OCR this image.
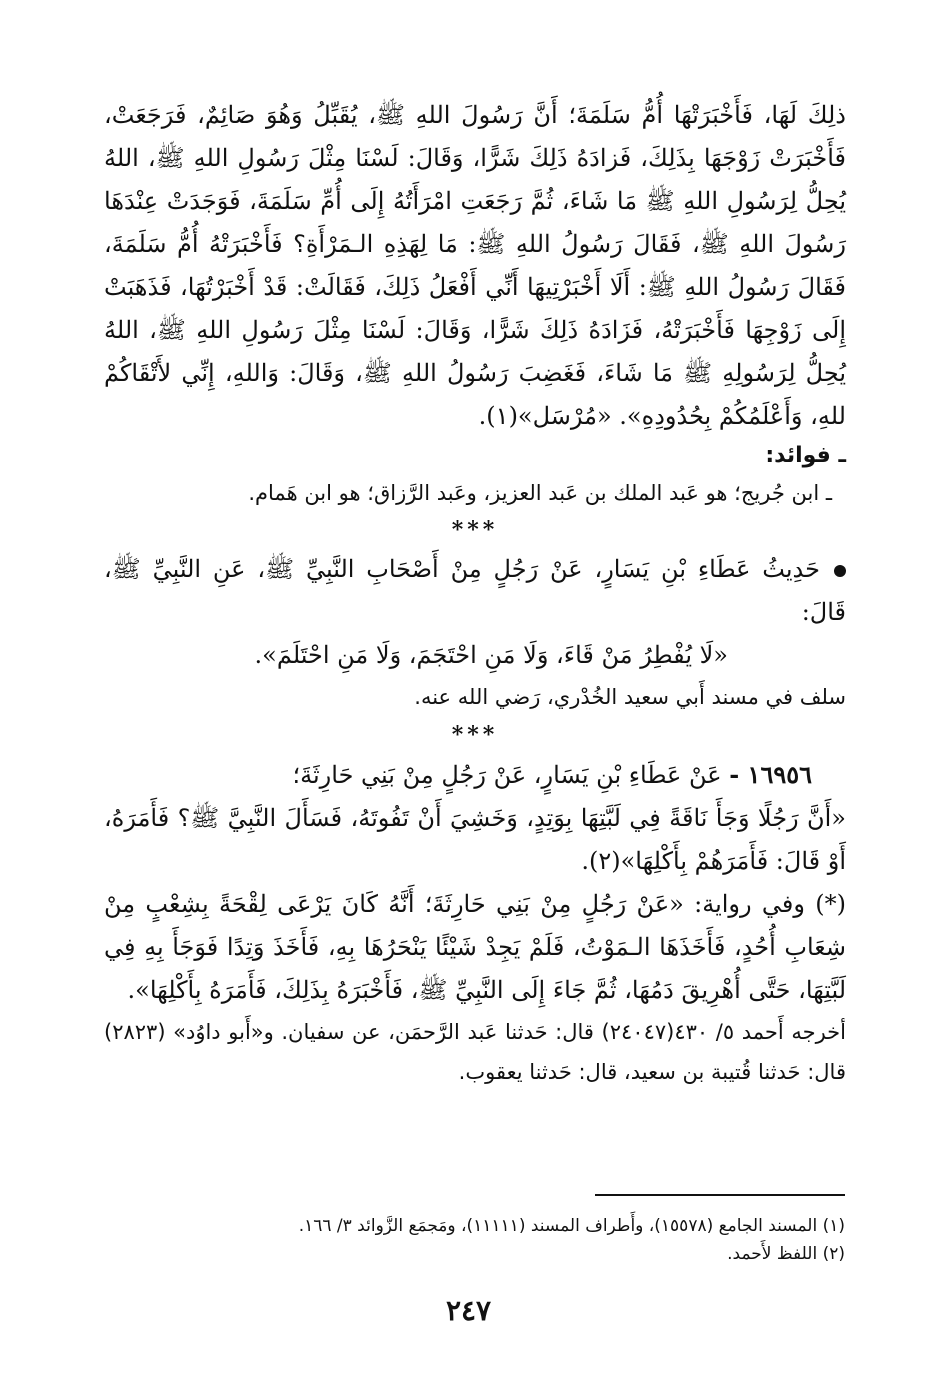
ذلِكَ لَهَا، فَأَخْبَرَتْهَا أُمُّ سَلَمَةَ؛ أَنَّ رَسُولَ اللهِ ﷺ، يُقَبِّلُ وَهُوَ صَائِمٌ، فَرَجَعَتْ، فَأَخْبَرَتْ زَوْجَهَا بِذَلِكَ، فَزادَهُ ذَلِكَ شَرًّا، وَقَالَ: لَسْنَا مِثْلَ رَسُولِ اللهِ ﷺ، اللهُ يُحِلُّ لِرَسُولِ اللهِ ﷺ مَا شَاءَ، ثُمَّ رَجَعَتِ امْرَأَتُهُ إِلَى أُمِّ سَلَمَةَ، فَوَجَدَتْ عِنْدَهَا رَسُولَ اللهِ ﷺ، فَقَالَ رَسُولُ اللهِ ﷺ: مَا لِهَذِهِ الـمَرْأَةِ؟ فَأَخْبَرَتْهُ أُمُّ سَلَمَةَ، فَقَالَ رَسُولُ اللهِ ﷺ: أَلَا أَخْبَرْتِيهَا أَنِّي أَفْعَلُ ذَلِكَ، فَقَالَتْ: قَدْ أَخْبَرْتُهَا، فَذَهَبَتْ إِلَى زَوْجِهَا فَأَخْبَرَتْهُ، فَزَادَهُ ذَلِكَ شَرًّا، وَقَالَ: لَسْنَا مِثْلَ رَسُولِ اللهِ ﷺ، اللهُ يُحِلُّ لِرَسُولِهِ ﷺ مَا شَاءَ، فَغَضِبَ رَسُولُ اللهِ ﷺ، وَقَالَ: وَاللهِ، إِنِّي لأَتْقَاكُمْ للهِ، وَأَعْلَمُكُمْ بِحُدُودِهِ». «مُرْسَل»(١).

ـ فوائد:

ـ ابن جُريج؛ هو عَبد الملك بن عَبد العزيز، وعَبد الرَّزاق؛ هو ابن هَمام.

***

حَدِيثُ عَطَاءِ بْنِ يَسَارٍ، عَنْ رَجُلٍ مِنْ أَصْحَابِ النَّبِيِّ ﷺ، عَنِ النَّبِيِّ ﷺ، قَالَ:

«لَا يُفْطِرُ مَنْ قَاءَ، وَلَا مَنِ احْتَجَمَ، وَلَا مَنِ احْتَلَمَ».

سلف في مسند أَبي سعيد الخُدْري، رَضي الله عنه.

***

١٦٩٥٦ - عَنْ عَطَاءِ بْنِ يَسَارٍ، عَنْ رَجُلٍ مِنْ بَنِي حَارِثَةَ؛

«أَنَّ رَجُلًا وَجَأَ نَاقَةً فِي لَبَّتِهَا بِوَتِدٍ، وَخَشِيَ أَنْ تَفُوتَهُ، فَسَأَلَ النَّبِيَّ ﷺ؟ فَأَمَرَهُ، أَوْ قَالَ: فَأَمَرَهُمْ بِأَكْلِهَا»(٢).

(*) وفي رواية: «عَنْ رَجُلٍ مِنْ بَنِي حَارِثَةَ؛ أَنَّهُ كَانَ يَرْعَى لِقْحَةً بِشِعْبٍ مِنْ شِعَابِ أُحُدٍ، فَأَخَذَهَا الـمَوْتُ، فَلَمْ يَجِدْ شَيْئًا يَنْحَرُهَا بِهِ، فَأَخَذَ وَتِدًا فَوَجَأَ بِهِ فِي لَبَّتِهَا، حَتَّى أُهْرِيقَ دَمُهَا، ثُمَّ جَاءَ إِلَى النَّبِيِّ ﷺ، فَأَخْبَرَهُ بِذَلِكَ، فَأَمَرَهُ بِأَكْلِهَا».

أخرجه أَحمد ٥/ ٤٣٠(٢٤٠٤٧) قال: حَدثنا عَبد الرَّحمَن، عن سفيان. و«أَبو داوُد» (٢٨٢٣) قال: حَدثنا قُتيبة بن سعيد، قال: حَدثنا يعقوب.

(١) المسند الجامع (١٥٥٧٨)، وأَطراف المسند (١١١١١)، ومَجمَع الزَّوائد ٣/ ١٦٦.

(٢) اللفظ لأَحمد.

٢٤٧
